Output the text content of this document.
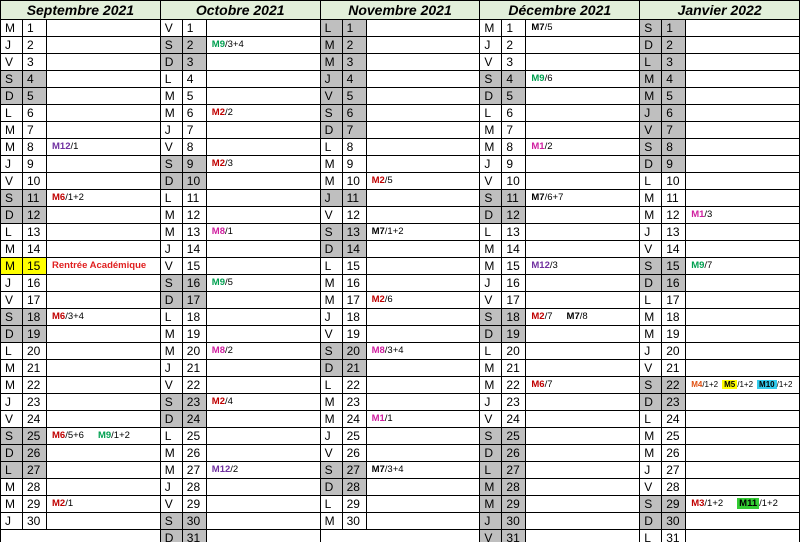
Septembre 2021
M	1
J	2
V	3
S	4
D	5
L	6
M	7
M	8	M12/1
J	9
V	10
S	11	M6/1+2
D	12
L	13
M	14
M	15	Rentrée Académique
J	16
V	17
S	18	M6/3+4
D	19
L	20
M	21
M	22
J	23
V	24
S	25	M6/5+6 M9/1+2
D	26
L	27
M	28
M	29	M2/1
J	30
Octobre 2021
V	1
S	2	M9/3+4
D	3
L	4
M	5
M	6	M2/2
J	7
V	8
S	9	M2/3
D	10
L	11
M	12
M	13	M8/1
J	14
V	15
S	16	M9/5
D	17
L	18
M	19
M	20	M8/2
J	21
V	22
S	23	M2/4
D	24
L	25
M	26
M	27	M12/2
J	28
V	29
S	30
D	31
Novembre 2021
L	1
M	2
M	3
J	4
V	5
S	6
D	7
L	8
M	9
M	10	M2/5
J	11
V	12
S	13	M7/1+2
D	14
L	15
M	16
M	17	M2/6
J	18
V	19
S	20	M8/3+4
D	21
L	22
M	23
M	24	M1/1
J	25
V	26
S	27	M7/3+4
D	28
L	29
M	30
Décembre 2021
M	1	M7/5
J	2
V	3
S	4	M9/6
D	5
L	6
M	7
M	8	M1/2
J	9
V	10
S	11	M7/6+7
D	12
L	13
M	14
M	15	M12/3
J	16
V	17
S	18	M2/7 M7/8
D	19
L	20
M	21
M	22	M6/7
J	23
V	24
S	25
D	26
L	27
M	28
M	29
J	30
V	31
Janvier 2022
S	1
D	2
L	3
M	4
M	5
J	6
V	7
S	8
D	9
L	10
M	11
M	12	M1/3
J	13
V	14
S	15	M9/7
D	16
L	17
M	18
M	19
J	20
V	21
S	22	M4/1+2 M5 /1+2 M10 /1+2
D	23
L	24
M	25
M	26
J	27
V	28
S	29	M3/1+2 M11 /1+2
D	30
L	31
